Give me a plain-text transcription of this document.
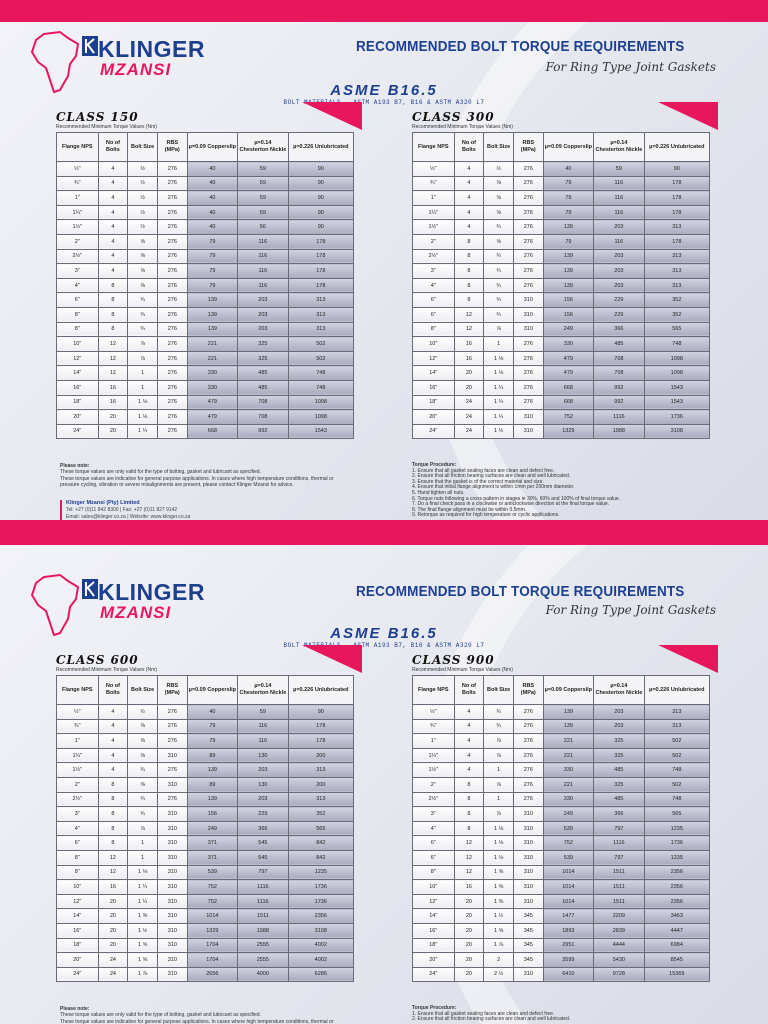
KLINGER
MZANSI
RECOMMENDED BOLT TORQUE REQUIREMENTS
For Ring Type Joint Gaskets
ASME B16.5
BOLT MATERIALS - ASTM A193 B7, B16 & ASTM A320 L7
CLASS 150
Recommended Minimum Torque Values (Nm)
Flange NPS	No of Bolts	Bolt Size	RBS (MPa)	µ=0.09 Copperslip	µ=0.14 Chesterton Nickle	µ=0.226 Unlubricated
½"	4	½	276	40	59	90
¾"	4	½	276	40	59	90
1"	4	½	276	40	59	90
1¼"	4	½	276	40	59	90
1½"	4	½	276	40	56	90
2"	4	⅝	276	79	116	178
2½"	4	⅝	276	79	116	178
3"	4	⅝	276	79	116	178
4"	8	⅝	276	79	116	178
6"	8	¾	276	139	203	313
8"	8	¾	276	139	203	313
8"	8	¾	276	139	203	313
10"	12	⅞	276	221	325	502
12"	12	⅞	276	221	325	502
14"	12	1	276	330	485	748
16"	16	1	276	330	485	748
18"	16	1 ⅛	276	479	708	1098
20"	20	1 ⅛	276	479	708	1098
24"	20	1 ¼	276	668	992	1543
CLASS 300
Recommended Minimum Torque Values (Nm)
Flange NPS	No of Bolts	Bolt Size	RBS (MPa)	µ=0.09 Copperslip	µ=0.14 Chesterton Nickle	µ=0.226 Unlubricated
½"	4	½	276	40	59	90
¾"	4	⅝	276	79	116	178
1"	4	⅝	276	79	116	178
1¼"	4	⅝	276	79	116	178
1½"	4	¾	276	139	203	313
2"	8	⅝	276	79	116	178
2½"	8	¾	276	139	203	313
3"	8	¾	276	139	203	313
4"	8	¾	276	139	203	313
6"	8	¾	310	156	229	352
6"	12	¾	310	156	229	352
8"	12	⅞	310	249	366	565
10"	16	1	276	330	485	748
12"	16	1 ⅛	276	479	708	1098
14"	20	1 ⅛	276	479	708	1098
16"	20	1 ¼	276	668	992	1543
18"	24	1 ¼	276	668	992	1543
20"	24	1 ¼	310	752	1116	1736
24"	24	1 ½	310	1329	1988	3108
Please note:
These torque values are only valid for the type of bolting, gasket and lubricant as specified.
These torque values are indicative for general purpose applications. In cases where high temperature conditions, thermal or
pressure cycling, vibration or severe misalignments are present, please contact Klinger Mzansi for advice.
Klinger Mzansi (Pty) Limited
Tel: +27 (0)11 842 8300 | Fax: +27 (0)11 827 9142
Email: sales@klinger.co.za | Website: www.klinger.co.za
Torque Procedure:
1. Ensure that all gasket sealing faces are clean and defect free.
2. Ensure that all friction bearing surfaces are clean and well lubricated.
3. Ensure that the gasket is of the correct material and size.
4. Ensure that initial flange alignment is within 1mm per 200mm diameter.
5. Hand tighten all nuts.
6. Torque nuts following a cross pattern in stages ie 30%, 60% and 100% of final torque value.
7. Do a final check pass in a clockwise or anticlockwise direction at the final torque value.
8. The final flange alignment must be within 0.5mm.
9. Retorque as required for high temperature or cyclic applications.
KLINGER
MZANSI
RECOMMENDED BOLT TORQUE REQUIREMENTS
For Ring Type Joint Gaskets
ASME B16.5
BOLT MATERIALS - ASTM A193 B7, B16 & ASTM A320 L7
CLASS 600
Recommended Minimum Torque Values (Nm)
Flange NPS	No of Bolts	Bolt Size	RBS (MPa)	µ=0.09 Copperslip	µ=0.14 Chesterton Nickle	µ=0.226 Unlubricated
½"	4	½	276	40	59	90
¾"	4	⅝	276	79	116	178
1"	4	⅝	276	79	116	178
1¼"	4	⅝	310	89	130	200
1½"	4	¾	276	139	203	313
2"	8	⅝	310	89	130	200
2½"	8	¾	276	139	203	313
3"	8	¾	310	156	229	352
4"	8	⅞	310	249	366	565
6"	8	1	310	371	545	842
8"	12	1	310	371	545	842
8"	12	1 ⅛	310	539	797	1235
10"	16	1 ¼	310	752	1116	1736
12"	20	1 ¼	310	752	1116	1736
14"	20	1 ⅜	310	1014	1511	2356
16"	20	1 ½	310	1329	1988	3108
18"	20	1 ⅝	310	1704	2555	4002
20"	24	1 ⅝	310	1704	2555	4002
24"	24	1 ⅞	310	2656	4000	6286
CLASS 900
Recommended Minimum Torque Values (Nm)
Flange NPS	No of Bolts	Bolt Size	RBS (MPa)	µ=0.09 Copperslip	µ=0.14 Chesterton Nickle	µ=0.226 Unlubricated
½"	4	¾	276	139	203	313
¾"	4	¾	276	139	203	313
1"	4	⅞	276	221	325	502
1¼"	4	⅞	276	221	325	502
1½"	4	1	276	330	485	748
2"	8	⅞	276	221	325	502
2½"	8	1	276	330	485	748
3"	8	⅞	310	249	366	565
4"	8	1 ⅛	310	539	797	1235
6"	12	1 ⅛	310	752	1116	1736
6"	12	1 ⅛	310	539	797	1235
8"	12	1 ⅜	310	1014	1511	2356
10"	16	1 ⅜	310	1014	1511	2356
12"	20	1 ⅜	310	1014	1511	2356
14"	20	1 ½	345	1477	2209	3463
16"	20	1 ⅝	345	1893	2839	4447
18"	20	1 ⅞	345	2951	4444	6984
20"	20	2	345	3599	5430	8545
24"	20	2 ½	310	6410	9728	15369
Please note:
These torque values are only valid for the type of bolting, gasket and lubricant as specified.
These torque values are indicative for general purpose applications. In cases where high temperature conditions, thermal or
Torque Procedure:
1. Ensure that all gasket sealing faces are clean and defect free.
2. Ensure that all friction bearing surfaces are clean and well lubricated.
